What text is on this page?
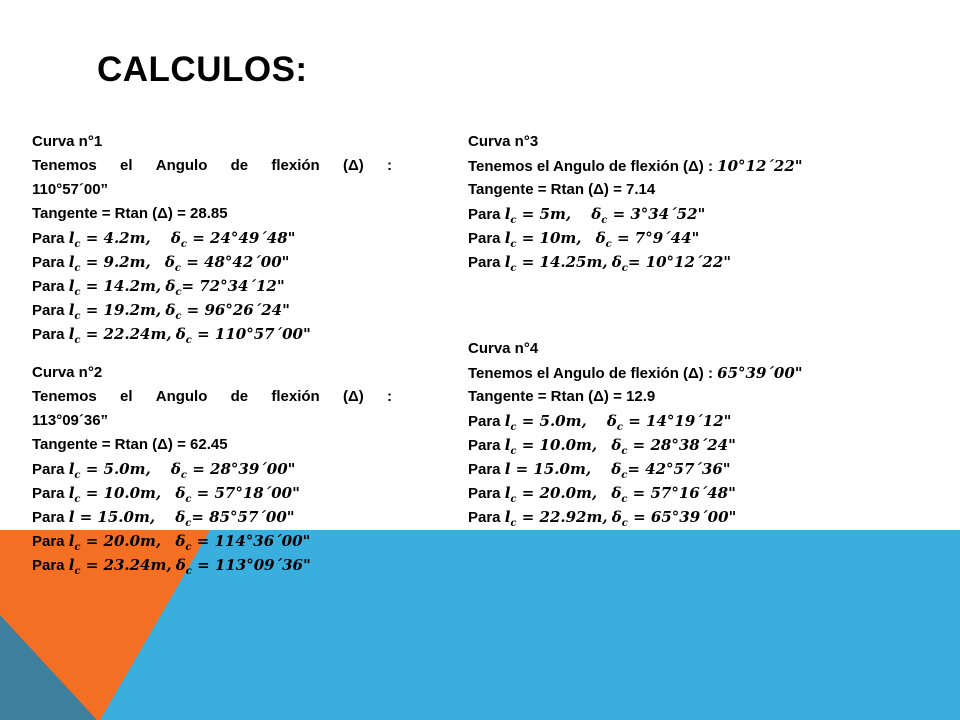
CALCULOS:
Curva n°1
Tenemos el Angulo de flexión (Δ) :
110°57´00”
Tangente = Rtan (Δ) = 28.85
Para $l_c = 4.2m$, $\delta_c$ = 24°49´48"
Para $l_c = 9.2m$, $\delta_c$ = 48°42´00"
Para $l_c = 14.2m$, $\delta_c=$ 72°34´12"
Para $l_c = 19.2m$, $\delta_c$ = 96°26´24"
Para $l_c = 22.24m$, $\delta_c$ = 110°57´00"
Curva n°2
Tenemos el Angulo de flexión (Δ) :
113°09´36”
Tangente = Rtan (Δ) = 62.45
Para $l_c = 5.0m$, $\delta_c$ = 28°39´00"
Para $l_c = 10.0m$, $\delta_c$ = 57°18´00"
Para l = 15.0m, $\delta_c=$ 85°57´00"
Para $l_c = 20.0m$, $\delta_c$ = 114°36´00"
Para $l_c = 23.24m$, $\delta_c$ = 113°09´36"
Curva n°3
Tenemos el Angulo de flexión (Δ) : 10°12´22"
Tangente = Rtan (Δ) = 7.14
Para $l_c = 5m$, $\delta_c$ = 3°34´52"
Para $l_c = 10m$, $\delta_c$ = 7°9´44"
Para $l_c = 14.25m$, $\delta_c=$ 10°12´22"
Curva n°4
Tenemos el Angulo de flexión (Δ) : 65°39´00"
Tangente = Rtan (Δ) = 12.9
Para $l_c = 5.0m$, $\delta_c$ = 14°19´12"
Para $l_c = 10.0m$, $\delta_c$ = 28°38´24"
Para l = 15.0m, $\delta_c=$ 42°57´36"
Para $l_c = 20.0m$, $\delta_c$ = 57°16´48"
Para $l_c = 22.92m$, $\delta_c$ = 65°39´00"
